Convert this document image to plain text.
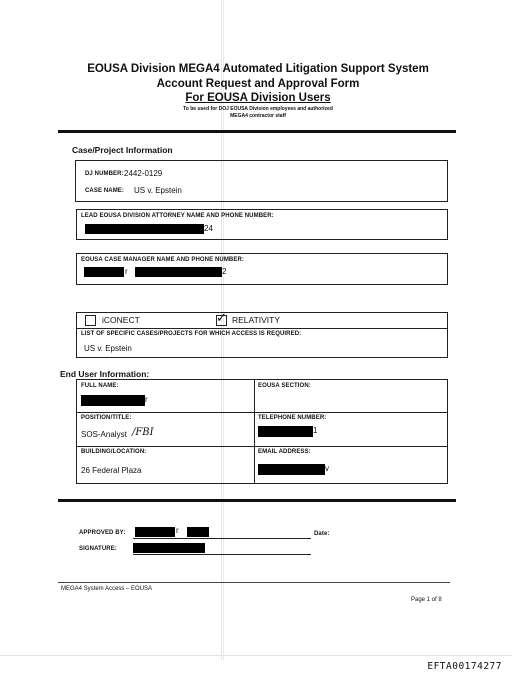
EOUSA Division MEGA4 Automated Litigation Support System
Account Request and Approval Form
For EOUSA Division Users
To be used for DOJ EOUSA Division employees and authorized
MEGA4 contractor staff
Case/Project Information
DJ NUMBER: 2442-0129
CASE NAME: US v. Epstein
LEAD EOUSA DIVISION ATTORNEY NAME AND PHONE NUMBER:
24
EOUSA CASE MANAGER NAME AND PHONE NUMBER:
r	2
iCONECT	✓ RELATIVITY
LIST OF SPECIFIC CASES/PROJECTS FOR WHICH ACCESS IS REQUIRED:
US v. Epstein
End User Information:
FULL NAME:
r
EOUSA SECTION:
POSITION/TITLE:
SOS-Analyst /FBI
TELEPHONE NUMBER:
1
BUILDING/LOCATION:
26 Federal Plaza
EMAIL ADDRESS:
v
APPROVED BY:	r	Date:
SIGNATURE:
MEGA4 System Access – EOUSA
Page 1 of 8
EFTA00174277
